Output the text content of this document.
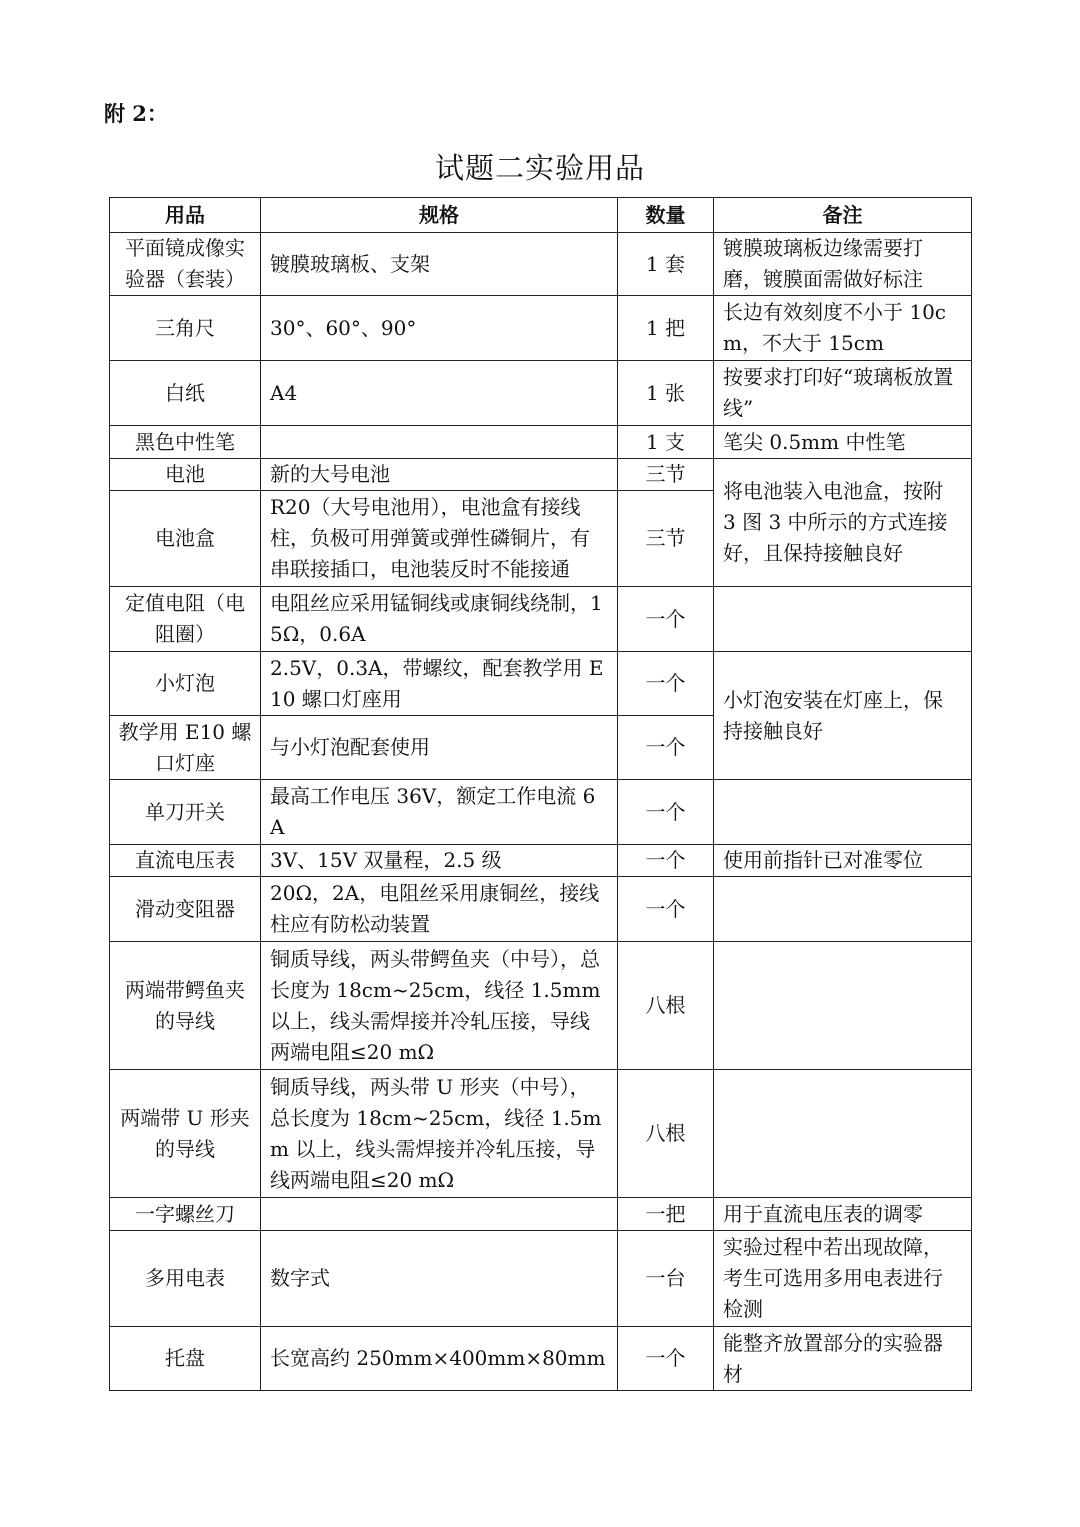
附 2：
试题二实验用品
用品	规格	数量	备注
平面镜成像实验器（套装）	镀膜玻璃板、支架	1 套	镀膜玻璃板边缘需要打磨，镀膜面需做好标注
三角尺	30°、60°、90°	1 把	长边有效刻度不小于 10cm，不大于 15cm
白纸	A4	1 张	按要求打印好“玻璃板放置线”
黑色中性笔		1 支	笔尖 0.5mm 中性笔
电池	新的大号电池	三节	将电池装入电池盒，按附 3 图 3 中所示的方式连接好，且保持接触良好
电池盒	R20（大号电池用），电池盒有接线柱，负极可用弹簧或弹性磷铜片，有串联接插口，电池装反时不能接通	三节	
定值电阻（电阻圈）	电阻丝应采用锰铜线或康铜线绕制，15Ω，0.6A	一个	
小灯泡	2.5V，0.3A，带螺纹，配套教学用 E10 螺口灯座用	一个	小灯泡安装在灯座上，保持接触良好
教学用 E10 螺口灯座	与小灯泡配套使用	一个	
单刀开关	最高工作电压 36V，额定工作电流 6A	一个	
直流电压表	3V、15V 双量程，2.5 级	一个	使用前指针已对准零位
滑动变阻器	20Ω，2A，电阻丝采用康铜丝，接线柱应有防松动装置	一个	
两端带鳄鱼夹的导线	铜质导线，两头带鳄鱼夹（中号），总长度为 18cm~25cm，线径 1.5mm 以上，线头需焊接并冷轧压接，导线两端电阻≤20 mΩ	八根	
两端带 U 形夹的导线	铜质导线，两头带 U 形夹（中号），总长度为 18cm~25cm，线径 1.5mm 以上，线头需焊接并冷轧压接，导线两端电阻≤20 mΩ	八根	
一字螺丝刀		一把	用于直流电压表的调零
多用电表	数字式	一台	实验过程中若出现故障，考生可选用多用电表进行检测
托盘	长宽高约 250mm×400mm×80mm	一个	能整齐放置部分的实验器材
